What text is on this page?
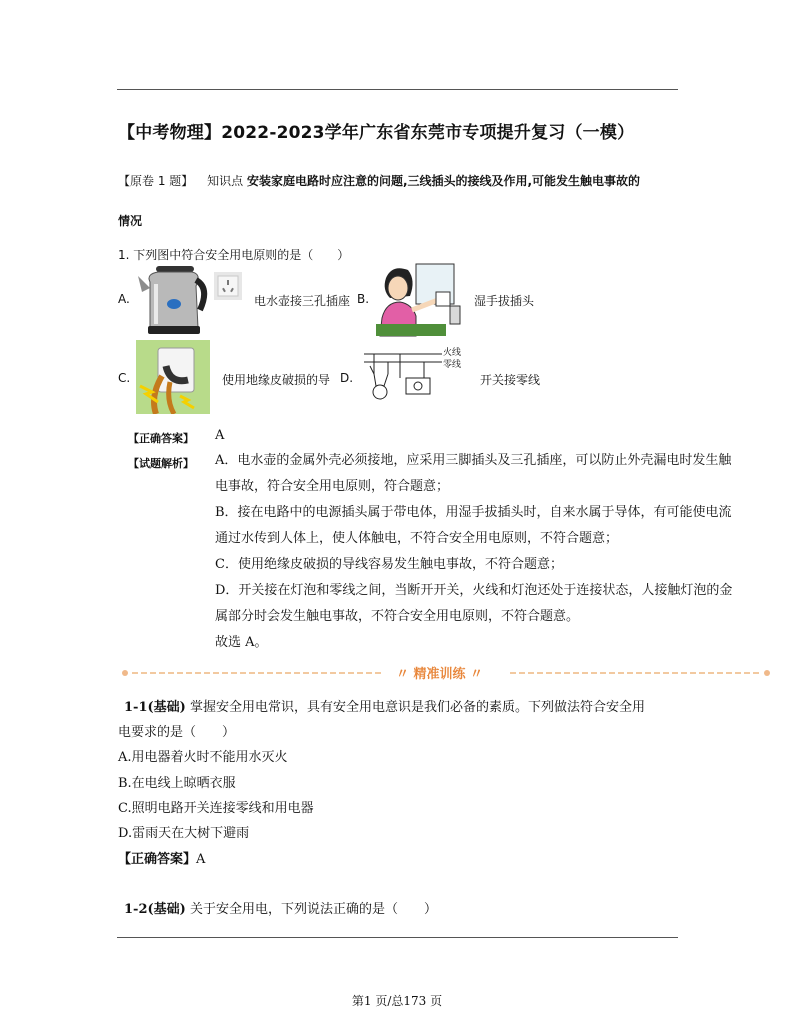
【中考物理】2022-2023学年广东省东莞市专项提升复习（一模）
【原卷 1 题】 知识点 安装家庭电路时应注意的问题,三线插头的接线及作用,可能发生触电事故的
情况
1. 下列图中符合安全用电原则的是（　　）
A.	电水壶接三孔插座 B.	湿手拔插头
C.	使用地缘皮破损的导 D.
火线
零线
开关接零线
【正确答案】 A
【试题解析】 A．电水壶的金属外壳必须接地，应采用三脚插头及三孔插座，可以防止外壳漏电时发生触
电事故，符合安全用电原则，符合题意；
B．接在电路中的电源插头属于带电体，用湿手拔插头时，自来水属于导体，有可能使电流
通过水传到人体上，使人体触电，不符合安全用电原则，不符合题意；
C．使用绝缘皮破损的导线容易发生触电事故，不符合题意；
D．开关接在灯泡和零线之间，当断开开关，火线和灯泡还处于连接状态，人接触灯泡的金
属部分时会发生触电事故，不符合安全用电原则，不符合题意。
故选 A。
〃 精准训练 〃
1-1(基础) 掌握安全用电常识，具有安全用电意识是我们必备的素质。下列做法符合安全用
电要求的是（　　）
A.用电器着火时不能用水灭火
B.在电线上晾晒衣服
C.照明电路开关连接零线和用电器
D.雷雨天在大树下避雨
【正确答案】A
1-2(基础) 关于安全用电，下列说法正确的是（　　）
第1 页/总173 页
